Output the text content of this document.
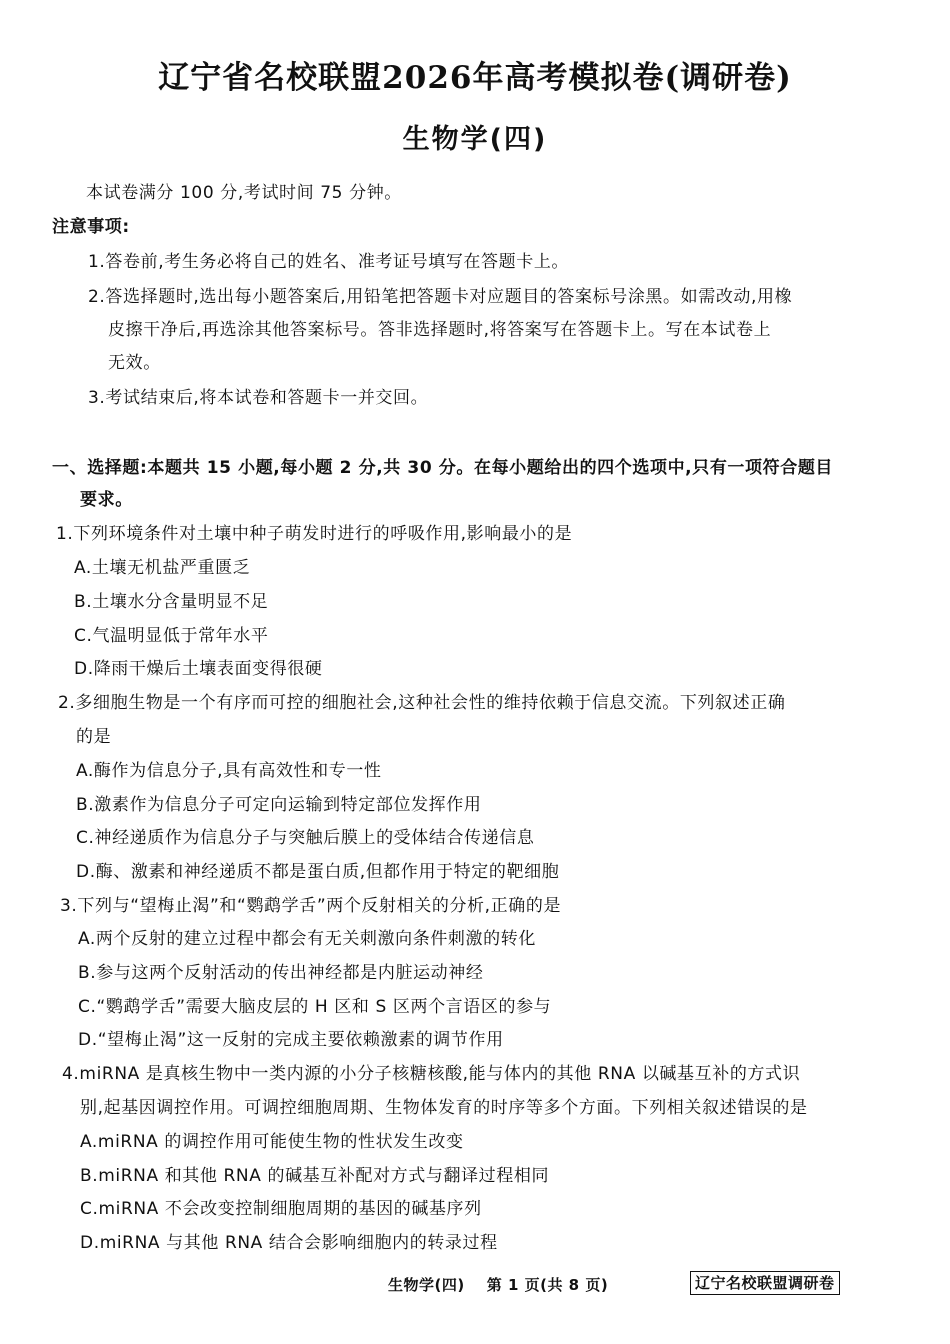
辽宁省名校联盟2026年高考模拟卷(调研卷)
生物学(四)
本试卷满分 100 分,考试时间 75 分钟。
注意事项:
1.答卷前,考生务必将自己的姓名、准考证号填写在答题卡上。
2.答选择题时,选出每小题答案后,用铅笔把答题卡对应题目的答案标号涂黑。如需改动,用橡
皮擦干净后,再选涂其他答案标号。答非选择题时,将答案写在答题卡上。写在本试卷上
无效。
3.考试结束后,将本试卷和答题卡一并交回。
一、选择题:本题共 15 小题,每小题 2 分,共 30 分。在每小题给出的四个选项中,只有一项符合题目
要求。
1.下列环境条件对土壤中种子萌发时进行的呼吸作用,影响最小的是
A.土壤无机盐严重匮乏
B.土壤水分含量明显不足
C.气温明显低于常年水平
D.降雨干燥后土壤表面变得很硬
2.多细胞生物是一个有序而可控的细胞社会,这种社会性的维持依赖于信息交流。下列叙述正确
的是
A.酶作为信息分子,具有高效性和专一性
B.激素作为信息分子可定向运输到特定部位发挥作用
C.神经递质作为信息分子与突触后膜上的受体结合传递信息
D.酶、激素和神经递质不都是蛋白质,但都作用于特定的靶细胞
3.下列与“望梅止渴”和“鹦鹉学舌”两个反射相关的分析,正确的是
A.两个反射的建立过程中都会有无关刺激向条件刺激的转化
B.参与这两个反射活动的传出神经都是内脏运动神经
C.“鹦鹉学舌”需要大脑皮层的 H 区和 S 区两个言语区的参与
D.“望梅止渴”这一反射的完成主要依赖激素的调节作用
4.miRNA 是真核生物中一类内源的小分子核糖核酸,能与体内的其他 RNA 以碱基互补的方式识
别,起基因调控作用。可调控细胞周期、生物体发育的时序等多个方面。下列相关叙述错误的是
A.miRNA 的调控作用可能使生物的性状发生改变
B.miRNA 和其他 RNA 的碱基互补配对方式与翻译过程相同
C.miRNA 不会改变控制细胞周期的基因的碱基序列
D.miRNA 与其他 RNA 结合会影响细胞内的转录过程
生物学(四) 第 1 页(共 8 页)	辽宁名校联盟调研卷
